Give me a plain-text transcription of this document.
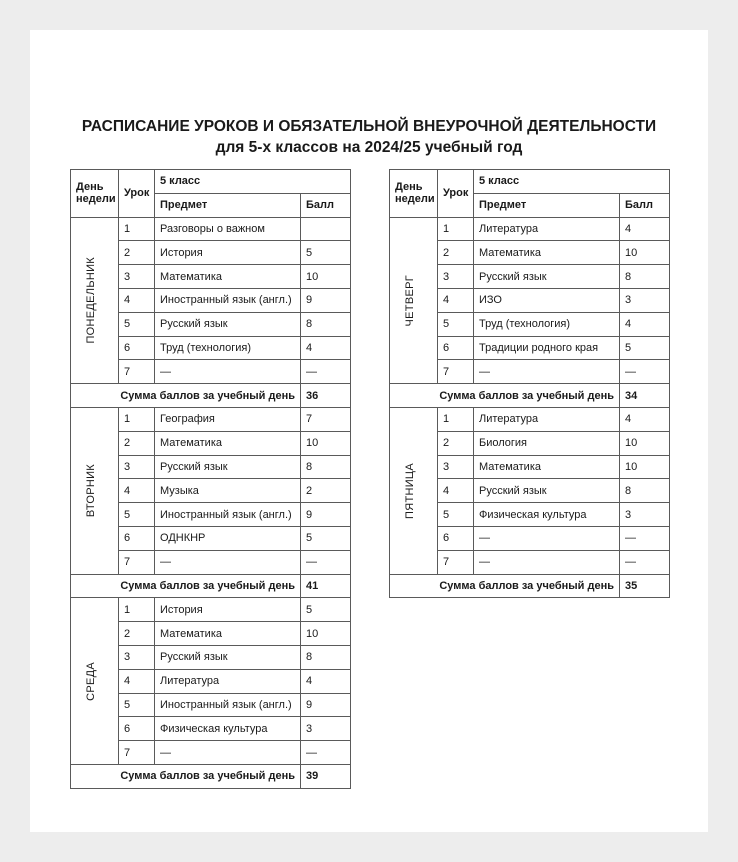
РАСПИСАНИЕ УРОКОВ И ОБЯЗАТЕЛЬНОЙ ВНЕУРОЧНОЙ ДЕЯТЕЛЬНОСТИ
для 5-х классов на 2024/25 учебный год
День недели	Урок	5 класс	
		Предмет	Балл

ПОНЕДЕЛЬНИК	1	Разговоры о важном	
	2	История	5
	3	Математика	10
	4	Иностранный язык (англ.)	9
	5	Русский язык	8
	6	Труд (технология)	4
	7	—	—
Сумма баллов за учебный день			36

ВТОРНИК	1	География	7
	2	Математика	10
	3	Русский язык	8
	4	Музыка	2
	5	Иностранный язык (англ.)	9
	6	ОДНКНР	5
	7	—	—
Сумма баллов за учебный день			41

СРЕДА	1	История	5
	2	Математика	10
	3	Русский язык	8
	4	Литература	4
	5	Иностранный язык (англ.)	9
	6	Физическая культура	3
	7	—	—
Сумма баллов за учебный день			39
День недели	Урок	5 класс	
		Предмет	Балл

ЧЕТВЕРГ	1	Литература	4
	2	Математика	10
	3	Русский язык	8
	4	ИЗО	3
	5	Труд (технология)	4
	6	Традиции родного края	5
	7	—	—
Сумма баллов за учебный день			34

ПЯТНИЦА	1	Литература	4
	2	Биология	10
	3	Математика	10
	4	Русский язык	8
	5	Физическая культура	3
	6	—	—
	7	—	—
Сумма баллов за учебный день			35
